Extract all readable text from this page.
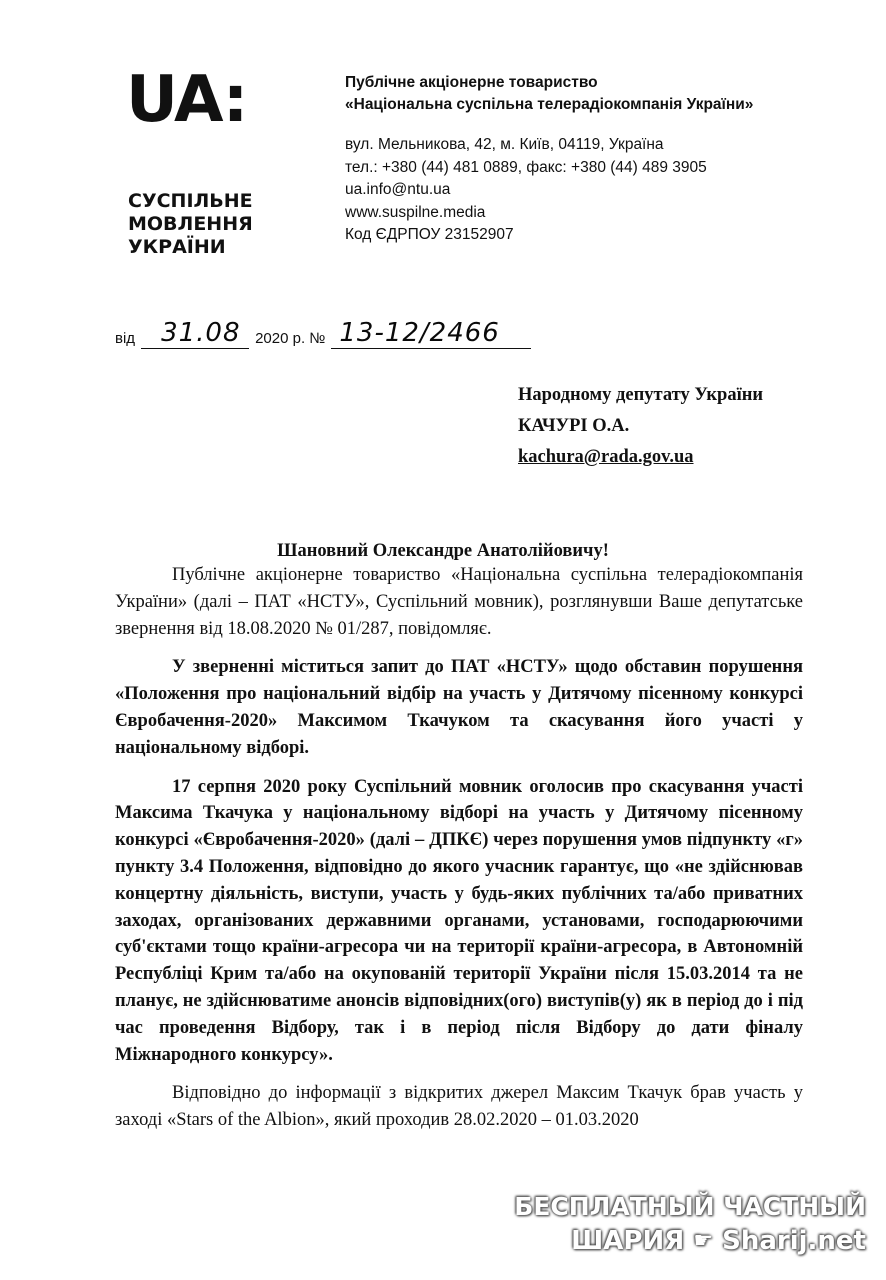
UA:
СУСПІЛЬНЕ
МОВЛЕННЯ
УКРАЇНИ
Публічне акціонерне товариство
«Національна суспільна телерадіокомпанія України»
вул. Мельникова, 42, м. Київ, 04119, Україна
тел.: +380 (44) 481 0889, факс: +380 (44) 489 3905
ua.info@ntu.ua
www.suspilne.media
Код ЄДРПОУ 23152907
від	31.08 2020 р. № 13-12/2466
Народному депутату України
КАЧУРІ О.А.
kachura@rada.gov.ua
Шановний Олександре Анатолійовичу!

Публічне акціонерне товариство «Національна суспільна телерадіокомпанія України» (далі – ПАТ «НСТУ», Суспільний мовник), розглянувши Ваше депутатське звернення від 18.08.2020 № 01/287, повідомляє.

У зверненні міститься запит до ПАТ «НСТУ» щодо обставин порушення «Положення про національний відбір на участь у Дитячому пісенному конкурсі Євробачення-2020» Максимом Ткачуком та скасування його участі у національному відборі.

17 серпня 2020 року Суспільний мовник оголосив про скасування участі Максима Ткачука у національному відборі на участь у Дитячому пісенному конкурсі «Євробачення-2020» (далі – ДПКЄ) через порушення умов підпункту «г» пункту 3.4 Положення, відповідно до якого учасник гарантує, що «не здійснював концертну діяльність, виступи, участь у будь-яких публічних та/або приватних заходах, організованих державними органами, установами, господарюючими суб'єктами тощо країни-агресора чи на території країни-агресора, в Автономній Республіці Крим та/або на окупованій території України після 15.03.2014 та не планує, не здійснюватиме анонсів відповідних(ого) виступів(у) як в період до і під час проведення Відбору, так і в період після Відбору до дати фіналу Міжнародного конкурсу».

Відповідно до інформації з відкритих джерел Максим Ткачук брав участь у заході «Stars of the Albion», який проходив 28.02.2020 – 01.03.2020

БЕСПЛАТНЫЙ ЧАСТНЫЙ
ШАРИЯ ☛ Sharij.net
